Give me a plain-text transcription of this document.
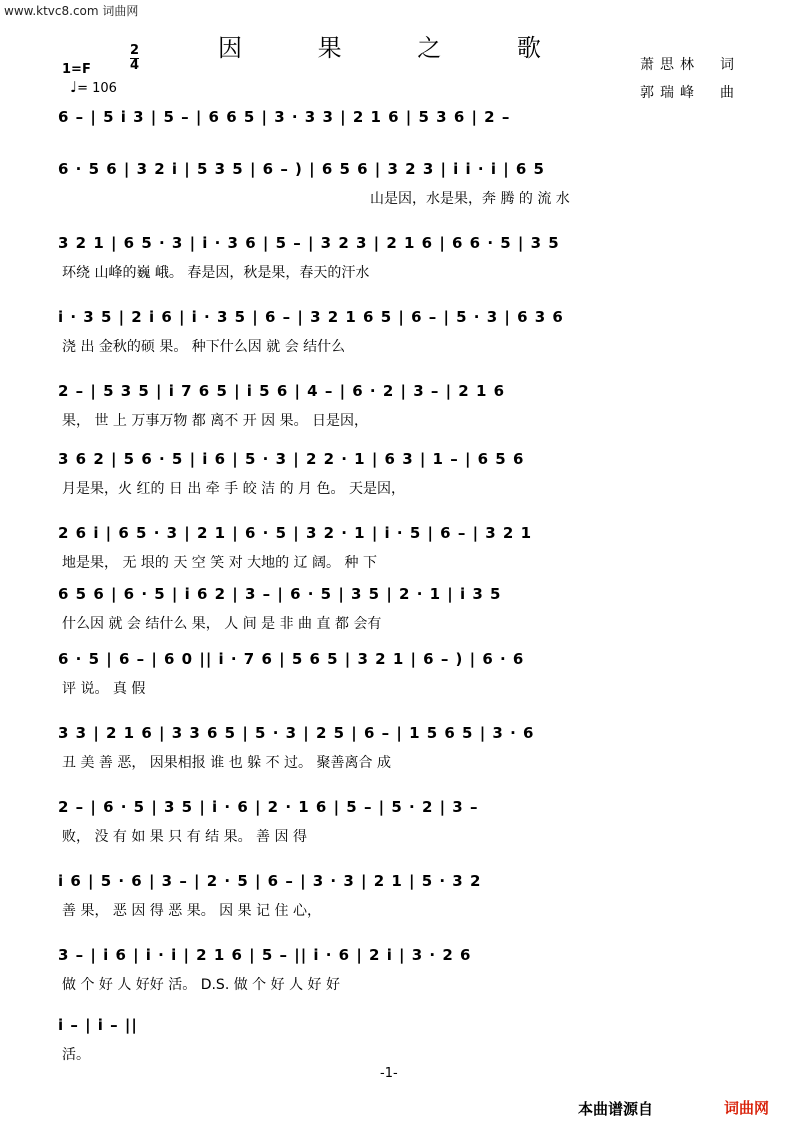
www.ktvc8.com 词曲网
因 果 之 歌
萧思林　词
郭瑞峰　曲
1=F	$\frac{2}{4}$
♩= 106
6 – | 5 i 3 | 5 – | 6 6 5 | 3 · 3 3 | 2 1 6 | 5 3 6 | 2 –
6 · 5 6 | 3 2 i | 5 3 5 | 6 – ) | 6 5 6 | 3 2 3 | i i · i | 6 5
山是因，水是果，奔 腾 的 流 水
3 2 1 | 6 5 · 3 | i · 3 6 | 5 – | 3 2 3 | 2 1 6 | 6 6 · 5 | 3 5
环绕 山峰的巍 峨。 春是因，秋是果，春天的汗水
i · 3 5 | 2 i 6 | i · 3 5 | 6 – | 3 2 1 6 5 | 6 – | 5 · 3 | 6 3 6
浇 出 金秋的硕 果。 种下什么因 就 会 结什么
2 – | 5 3 5 | i 7 6 5 | i 5 6 | 4 – | 6 · 2 | 3 – | 2 1 6
果， 世 上 万事万物 都 离不 开 因 果。 日是因，
3 6 2 | 5 6 · 5 | i 6 | 5 · 3 | 2 2 · 1 | 6 3 | 1 – | 6 5 6
月是果，火 红的 日 出 牵 手 皎 洁 的 月 色。 天是因，
2 6 i | 6 5 · 3 | 2 1 | 6 · 5 | 3 2 · 1 | i · 5 | 6 – | 3 2 1
地是果， 无 垠的 天 空 笑 对 大地的 辽 阔。 种 下
6 5 6 | 6 · 5 | i 6 2 | 3 – | 6 · 5 | 3 5 | 2 · 1 | i 3 5
什么因 就 会 结什么 果， 人 间 是 非 曲 直 都 会有
6 · 5 | 6 – | 6 0 || i · 7 6 | 5 6 5 | 3 2 1 | 6 – ) | 6 · 6
评 说。 真 假
3 3 | 2 1 6 | 3 3 6 5 | 5 · 3 | 2 5 | 6 – | 1 5 6 5 | 3 · 6
丑 美 善 恶， 因果相报 谁 也 躲 不 过。 聚善离合 成
2 – | 6 · 5 | 3 5 | i · 6 | 2 · 1 6 | 5 – | 5 · 2 | 3 –
败， 没 有 如 果 只 有 结 果。 善 因 得
i 6 | 5 · 6 | 3 – | 2 · 5 | 6 – | 3 · 3 | 2 1 | 5 · 3 2
善 果， 恶 因 得 恶 果。 因 果 记 住 心，
3 – | i 6 | i · i | 2 1 6 | 5 – || i · 6 | 2 i | 3 · 2 6
做 个 好 人 好好 活。 D.S. 做 个 好 人 好 好
i – | i – ||
活。
-1-
本曲谱源自	词曲网
